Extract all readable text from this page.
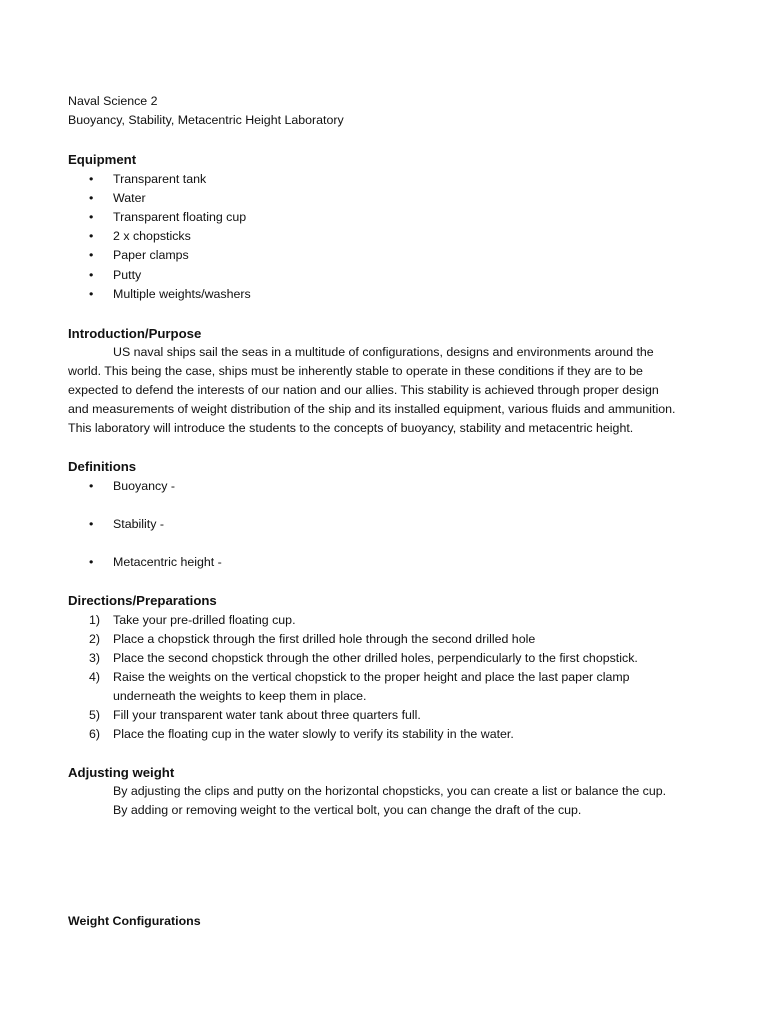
Naval Science 2
Buoyancy, Stability, Metacentric Height Laboratory
Equipment
•	Transparent tank
•	Water
•	Transparent floating cup
•	2 x chopsticks
•	Paper clamps
•	Putty
•	Multiple weights/washers
Introduction/Purpose
US naval ships sail the seas in a multitude of configurations, designs and environments around the
world. This being the case, ships must be inherently stable to operate in these conditions if they are to be
expected to defend the interests of our nation and our allies. This stability is achieved through proper design
and measurements of weight distribution of the ship and its installed equipment, various fluids and ammunition.
This laboratory will introduce the students to the concepts of buoyancy, stability and metacentric height.
Definitions
•	Buoyancy -
•	Stability -
•	Metacentric height -
Directions/Preparations
1)	Take your pre-drilled floating cup.
2)	Place a chopstick through the first drilled hole through the second drilled hole
3)	Place the second chopstick through the other drilled holes, perpendicularly to the first chopstick.
4)	Raise the weights on the vertical chopstick to the proper height and place the last paper clamp
underneath the weights to keep them in place.
5)	Fill your transparent water tank about three quarters full.
6)	Place the floating cup in the water slowly to verify its stability in the water.
Adjusting weight
By adjusting the clips and putty on the horizontal chopsticks, you can create a list or balance the cup.
By adding or removing weight to the vertical bolt, you can change the draft of the cup.
Weight Configurations
